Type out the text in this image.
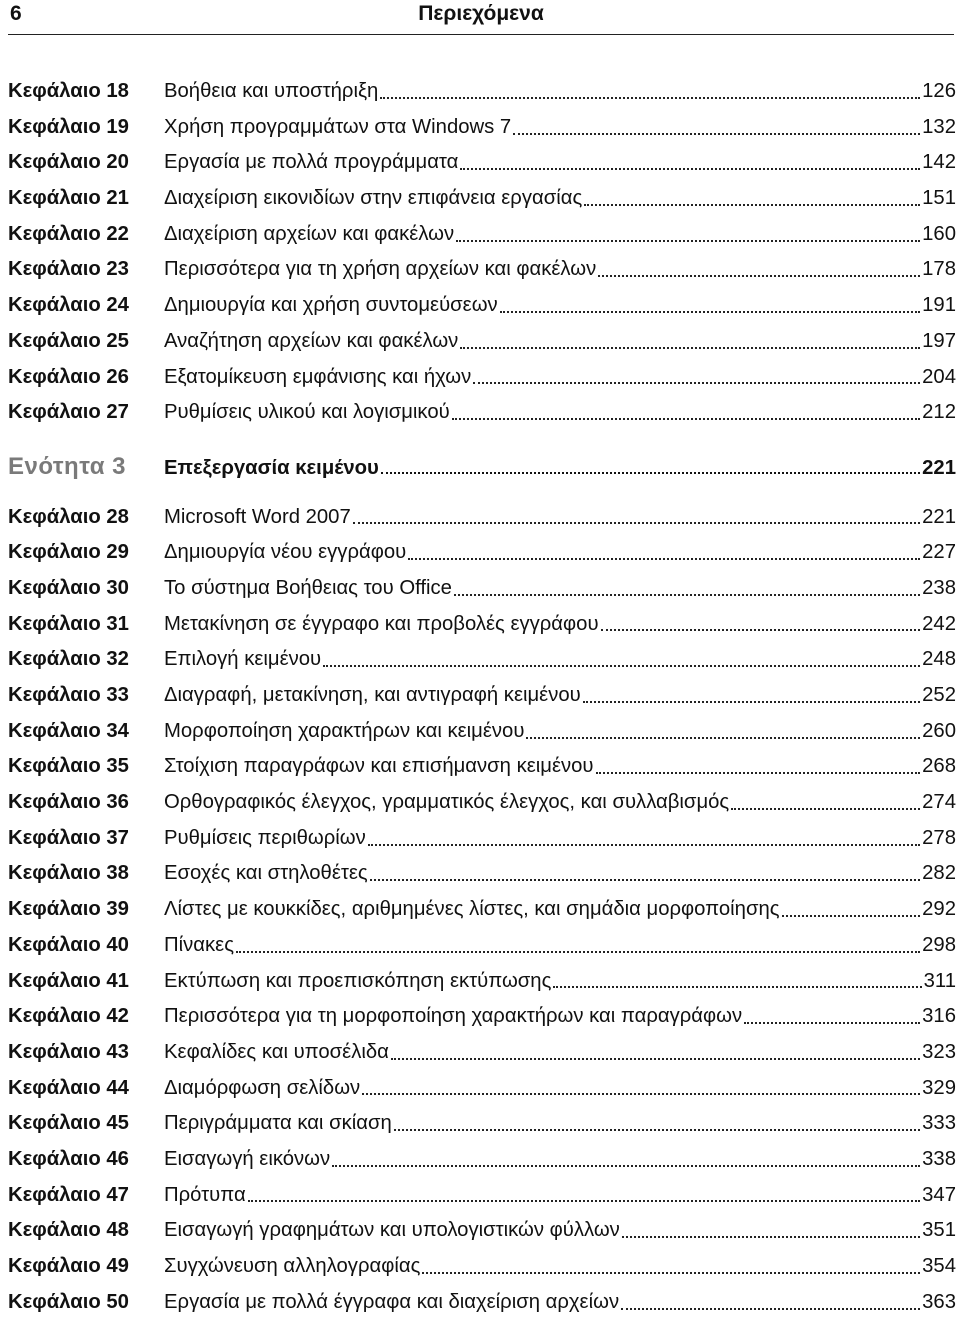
6	Περιεχόμενα
Κεφάλαιο 18	Βοήθεια και υποστήριξη	126
Κεφάλαιο 19	Χρήση προγραμμάτων στα Windows 7	132
Κεφάλαιο 20	Εργασία με πολλά προγράμματα	142
Κεφάλαιο 21	Διαχείριση εικονιδίων στην επιφάνεια εργασίας	151
Κεφάλαιο 22	Διαχείριση αρχείων και φακέλων	160
Κεφάλαιο 23	Περισσότερα για τη χρήση αρχείων και φακέλων	178
Κεφάλαιο 24	Δημιουργία και χρήση συντομεύσεων	191
Κεφάλαιο 25	Αναζήτηση αρχείων και φακέλων	197
Κεφάλαιο 26	Εξατομίκευση εμφάνισης και ήχων	204
Κεφάλαιο 27	Ρυθμίσεις υλικού και λογισμικού	212
Ενότητα 3	Επεξεργασία κειμένου	221
Κεφάλαιο 28	Microsoft Word 2007	221
Κεφάλαιο 29	Δημιουργία νέου εγγράφου	227
Κεφάλαιο 30	Το σύστημα Βοήθειας του Office	238
Κεφάλαιο 31	Μετακίνηση σε έγγραφο και προβολές εγγράφου	242
Κεφάλαιο 32	Επιλογή κειμένου	248
Κεφάλαιο 33	Διαγραφή, μετακίνηση, και αντιγραφή κειμένου	252
Κεφάλαιο 34	Μορφοποίηση χαρακτήρων και κειμένου	260
Κεφάλαιο 35	Στοίχιση παραγράφων και επισήμανση κειμένου	268
Κεφάλαιο 36	Ορθογραφικός έλεγχος, γραμματικός έλεγχος, και συλλαβισμός	274
Κεφάλαιο 37	Ρυθμίσεις περιθωρίων	278
Κεφάλαιο 38	Εσοχές και στηλοθέτες	282
Κεφάλαιο 39	Λίστες με κουκκίδες, αριθμημένες λίστες, και σημάδια μορφοποίησης	292
Κεφάλαιο 40	Πίνακες	298
Κεφάλαιο 41	Εκτύπωση και προεπισκόπηση εκτύπωσης	311
Κεφάλαιο 42	Περισσότερα για τη μορφοποίηση χαρακτήρων και παραγράφων	316
Κεφάλαιο 43	Κεφαλίδες και υποσέλιδα	323
Κεφάλαιο 44	Διαμόρφωση σελίδων	329
Κεφάλαιο 45	Περιγράμματα και σκίαση	333
Κεφάλαιο 46	Εισαγωγή εικόνων	338
Κεφάλαιο 47	Πρότυπα	347
Κεφάλαιο 48	Εισαγωγή γραφημάτων και υπολογιστικών φύλλων	351
Κεφάλαιο 49	Συγχώνευση αλληλογραφίας	354
Κεφάλαιο 50	Εργασία με πολλά έγγραφα και διαχείριση αρχείων	363
